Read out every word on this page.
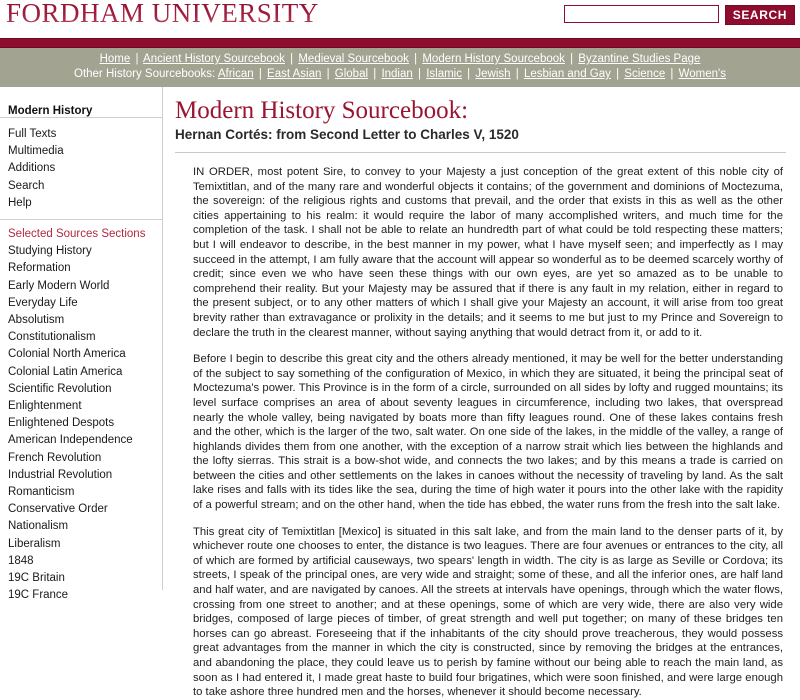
FORDHAM UNIVERSITY	SEARCH
Home | Ancient History Sourcebook | Medieval Sourcebook | Modern History Sourcebook | Byzantine Studies Page
Other History Sourcebooks: African | East Asian | Global | Indian | Islamic | Jewish | Lesbian and Gay | Science | Women's
Modern History
Full Texts
Multimedia
Additions
Search
Help
Selected Sources Sections
Studying History
Reformation
Early Modern World
Everyday Life
Absolutism
Constitutionalism
Colonial North America
Colonial Latin America
Scientific Revolution
Enlightenment
Enlightened Despots
American Independence
French Revolution
Industrial Revolution
Romanticism
Conservative Order
Nationalism
Liberalism
1848
19C Britain
19C France
Modern History Sourcebook:
Hernan Cortés: from Second Letter to Charles V, 1520

IN ORDER, most potent Sire, to convey to your Majesty a just conception of the great extent of this noble city of Temixtitlan, and of the many rare and wonderful objects it contains; of the government and dominions of Moctezuma, the sovereign: of the religious rights and customs that prevail, and the order that exists in this as well as the other cities appertaining to his realm: it would require the labor of many accomplished writers, and much time for the completion of the task. I shall not be able to relate an hundredth part of what could be told respecting these matters; but I will endeavor to describe, in the best manner in my power, what I have myself seen; and imperfectly as I may succeed in the attempt, I am fully aware that the account will appear so wonderful as to be deemed scarcely worthy of credit; since even we who have seen these things with our own eyes, are yet so amazed as to be unable to comprehend their reality. But your Majesty may be assured that if there is any fault in my relation, either in regard to the present subject, or to any other matters of which I shall give your Majesty an account, it will arise from too great brevity rather than extravagance or prolixity in the details; and it seems to me but just to my Prince and Sovereign to declare the truth in the clearest manner, without saying anything that would detract from it, or add to it.

Before I begin to describe this great city and the others already mentioned, it may be well for the better understanding of the subject to say something of the configuration of Mexico, in which they are situated, it being the principal seat of Moctezuma's power. This Province is in the form of a circle, surrounded on all sides by lofty and rugged mountains; its level surface comprises an area of about seventy leagues in circumference, including two lakes, that overspread nearly the whole valley, being navigated by boats more than fifty leagues round. One of these lakes contains fresh and the other, which is the larger of the two, salt water. On one side of the lakes, in the middle of the valley, a range of highlands divides them from one another, with the exception of a narrow strait which lies between the highlands and the lofty sierras. This strait is a bow-shot wide, and connects the two lakes; and by this means a trade is carried on between the cities and other settlements on the lakes in canoes without the necessity of traveling by land. As the salt lake rises and falls with its tides like the sea, during the time of high water it pours into the other lake with the rapidity of a powerful stream; and on the other hand, when the tide has ebbed, the water runs from the fresh into the salt lake.

This great city of Temixtitlan [Mexico] is situated in this salt lake, and from the main land to the denser parts of it, by whichever route one chooses to enter, the distance is two leagues. There are four avenues or entrances to the city, all of which are formed by artificial causeways, two spears' length in width. The city is as large as Seville or Cordova; its streets, I speak of the principal ones, are very wide and straight; some of these, and all the inferior ones, are half land and half water, and are navigated by canoes. All the streets at intervals have openings, through which the water flows, crossing from one street to another; and at these openings, some of which are very wide, there are also very wide bridges, composed of large pieces of timber, of great strength and well put together; on many of these bridges ten horses can go abreast. Foreseeing that if the inhabitants of the city should prove treacherous, they would possess great advantages from the manner in which the city is constructed, since by removing the bridges at the entrances, and abandoning the place, they could leave us to perish by famine without our being able to reach the main land, as soon as I had entered it, I made great haste to build four brigatines, which were soon finished, and were large enough to take ashore three hundred men and the horses, whenever it should become necessary.
